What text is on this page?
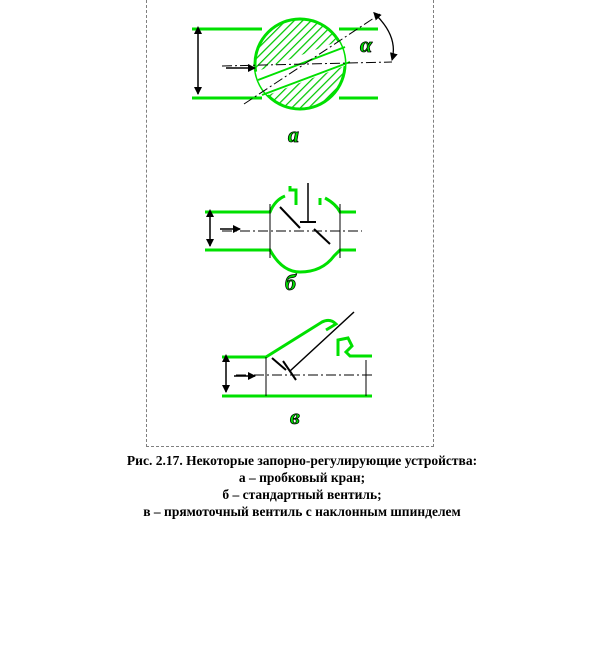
α
а
б
в
Рис. 2.17. Некоторые запорно-регулирующие устройства:
а – пробковый кран;
б – стандартный вентиль;
в – прямоточный вентиль с наклонным шпинделем
